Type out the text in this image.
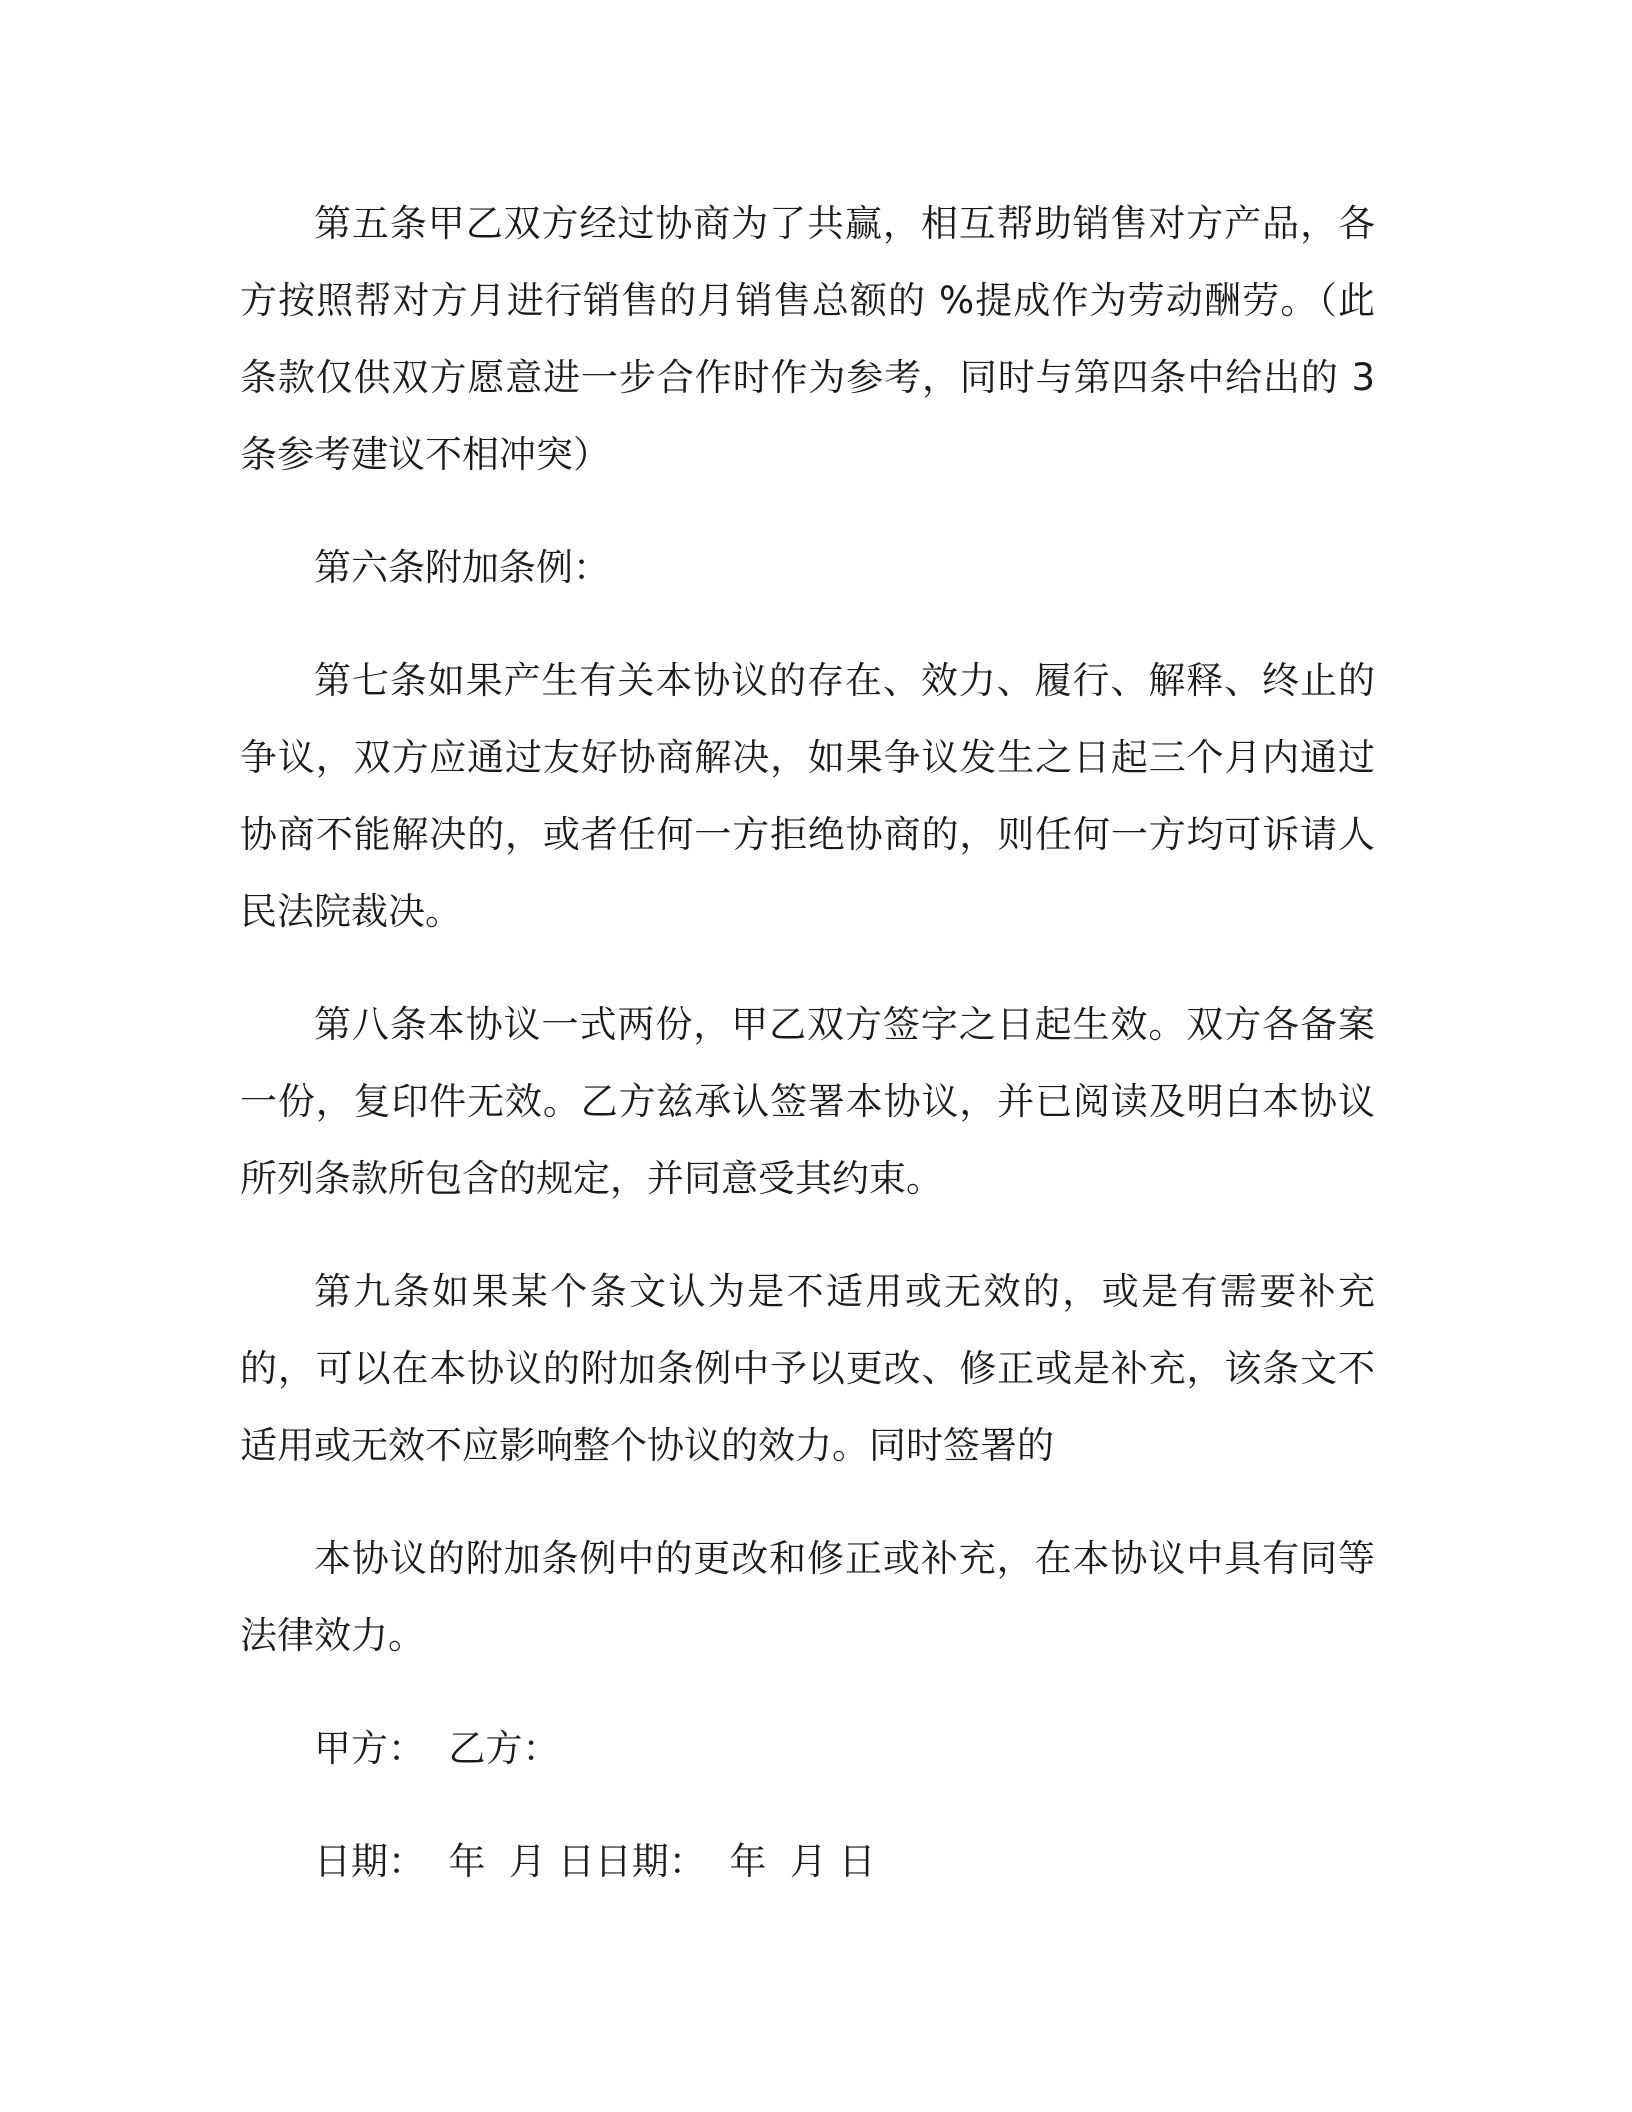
第五条甲乙双方经过协商为了共赢，相互帮助销售对方产品，各方按照帮对方月进行销售的月销售总额的 %提成作为劳动酬劳。（此条款仅供双方愿意进一步合作时作为参考，同时与第四条中给出的 3 条参考建议不相冲突）

第六条附加条例：

第七条如果产生有关本协议的存在、效力、履行、解释、终止的争议，双方应通过友好协商解决，如果争议发生之日起三个月内通过协商不能解决的，或者任何一方拒绝协商的，则任何一方均可诉请人民法院裁决。

第八条本协议一式两份，甲乙双方签字之日起生效。双方各备案一份，复印件无效。乙方兹承认签署本协议，并已阅读及明白本协议所列条款所包含的规定，并同意受其约束。

第九条如果某个条文认为是不适用或无效的，或是有需要补充的，可以在本协议的附加条例中予以更改、修正或是补充，该条文不适用或无效不应影响整个协议的效力。同时签署的

本协议的附加条例中的更改和修正或补充，在本协议中具有同等法律效力。

甲方：  乙方：

日期：  年  月 日日期：  年  月 日
